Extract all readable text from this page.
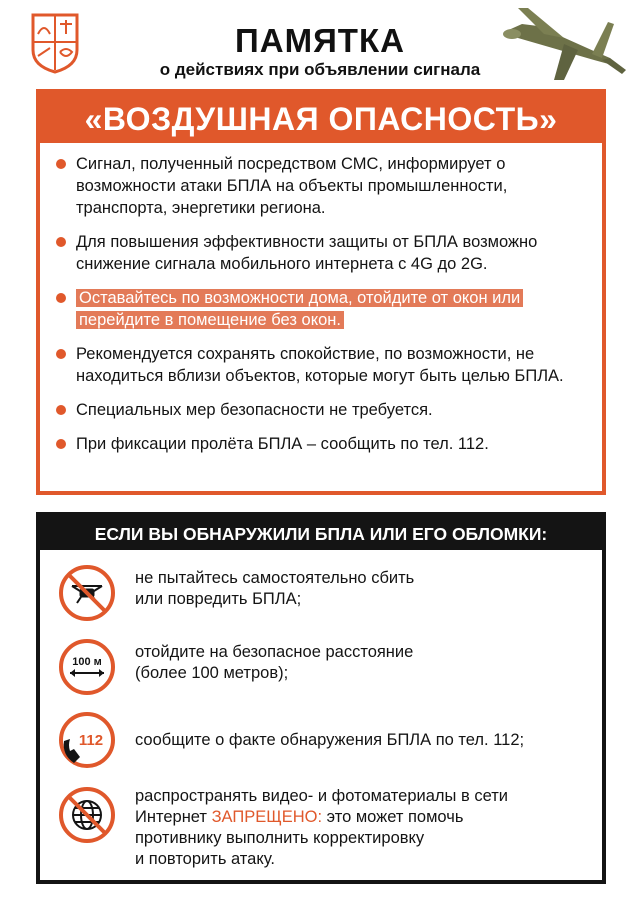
ПАМЯТКА
о действиях при объявлении сигнала
«ВОЗДУШНАЯ ОПАСНОСТЬ»
Сигнал, полученный посредством СМС, информирует о возможности атаки БПЛА на объекты промышленности, транспорта, энергетики региона.
Для повышения эффективности защиты от БПЛА возможно снижение сигнала мобильного интернета с 4G до 2G.
Оставайтесь по возможности дома, отойдите от окон или перейдите в помещение без окон.
Рекомендуется сохранять спокойствие, по возможности, не находиться вблизи объектов, которые могут быть целью БПЛА.
Специальных мер безопасности не требуется.
При фиксации пролёта БПЛА – сообщить по тел. 112.
ЕСЛИ ВЫ ОБНАРУЖИЛИ БПЛА ИЛИ ЕГО ОБЛОМКИ:
не пытайтесь самостоятельно сбить
или повредить БПЛА;
100 м
отойдите на безопасное расстояние
(более 100 метров);
112 сообщите о факте обнаружения БПЛА по тел. 112;
распространять видео- и фотоматериалы в сети
Интернет ЗАПРЕЩЕНО: это может помочь
противнику выполнить корректировку
и повторить атаку.
